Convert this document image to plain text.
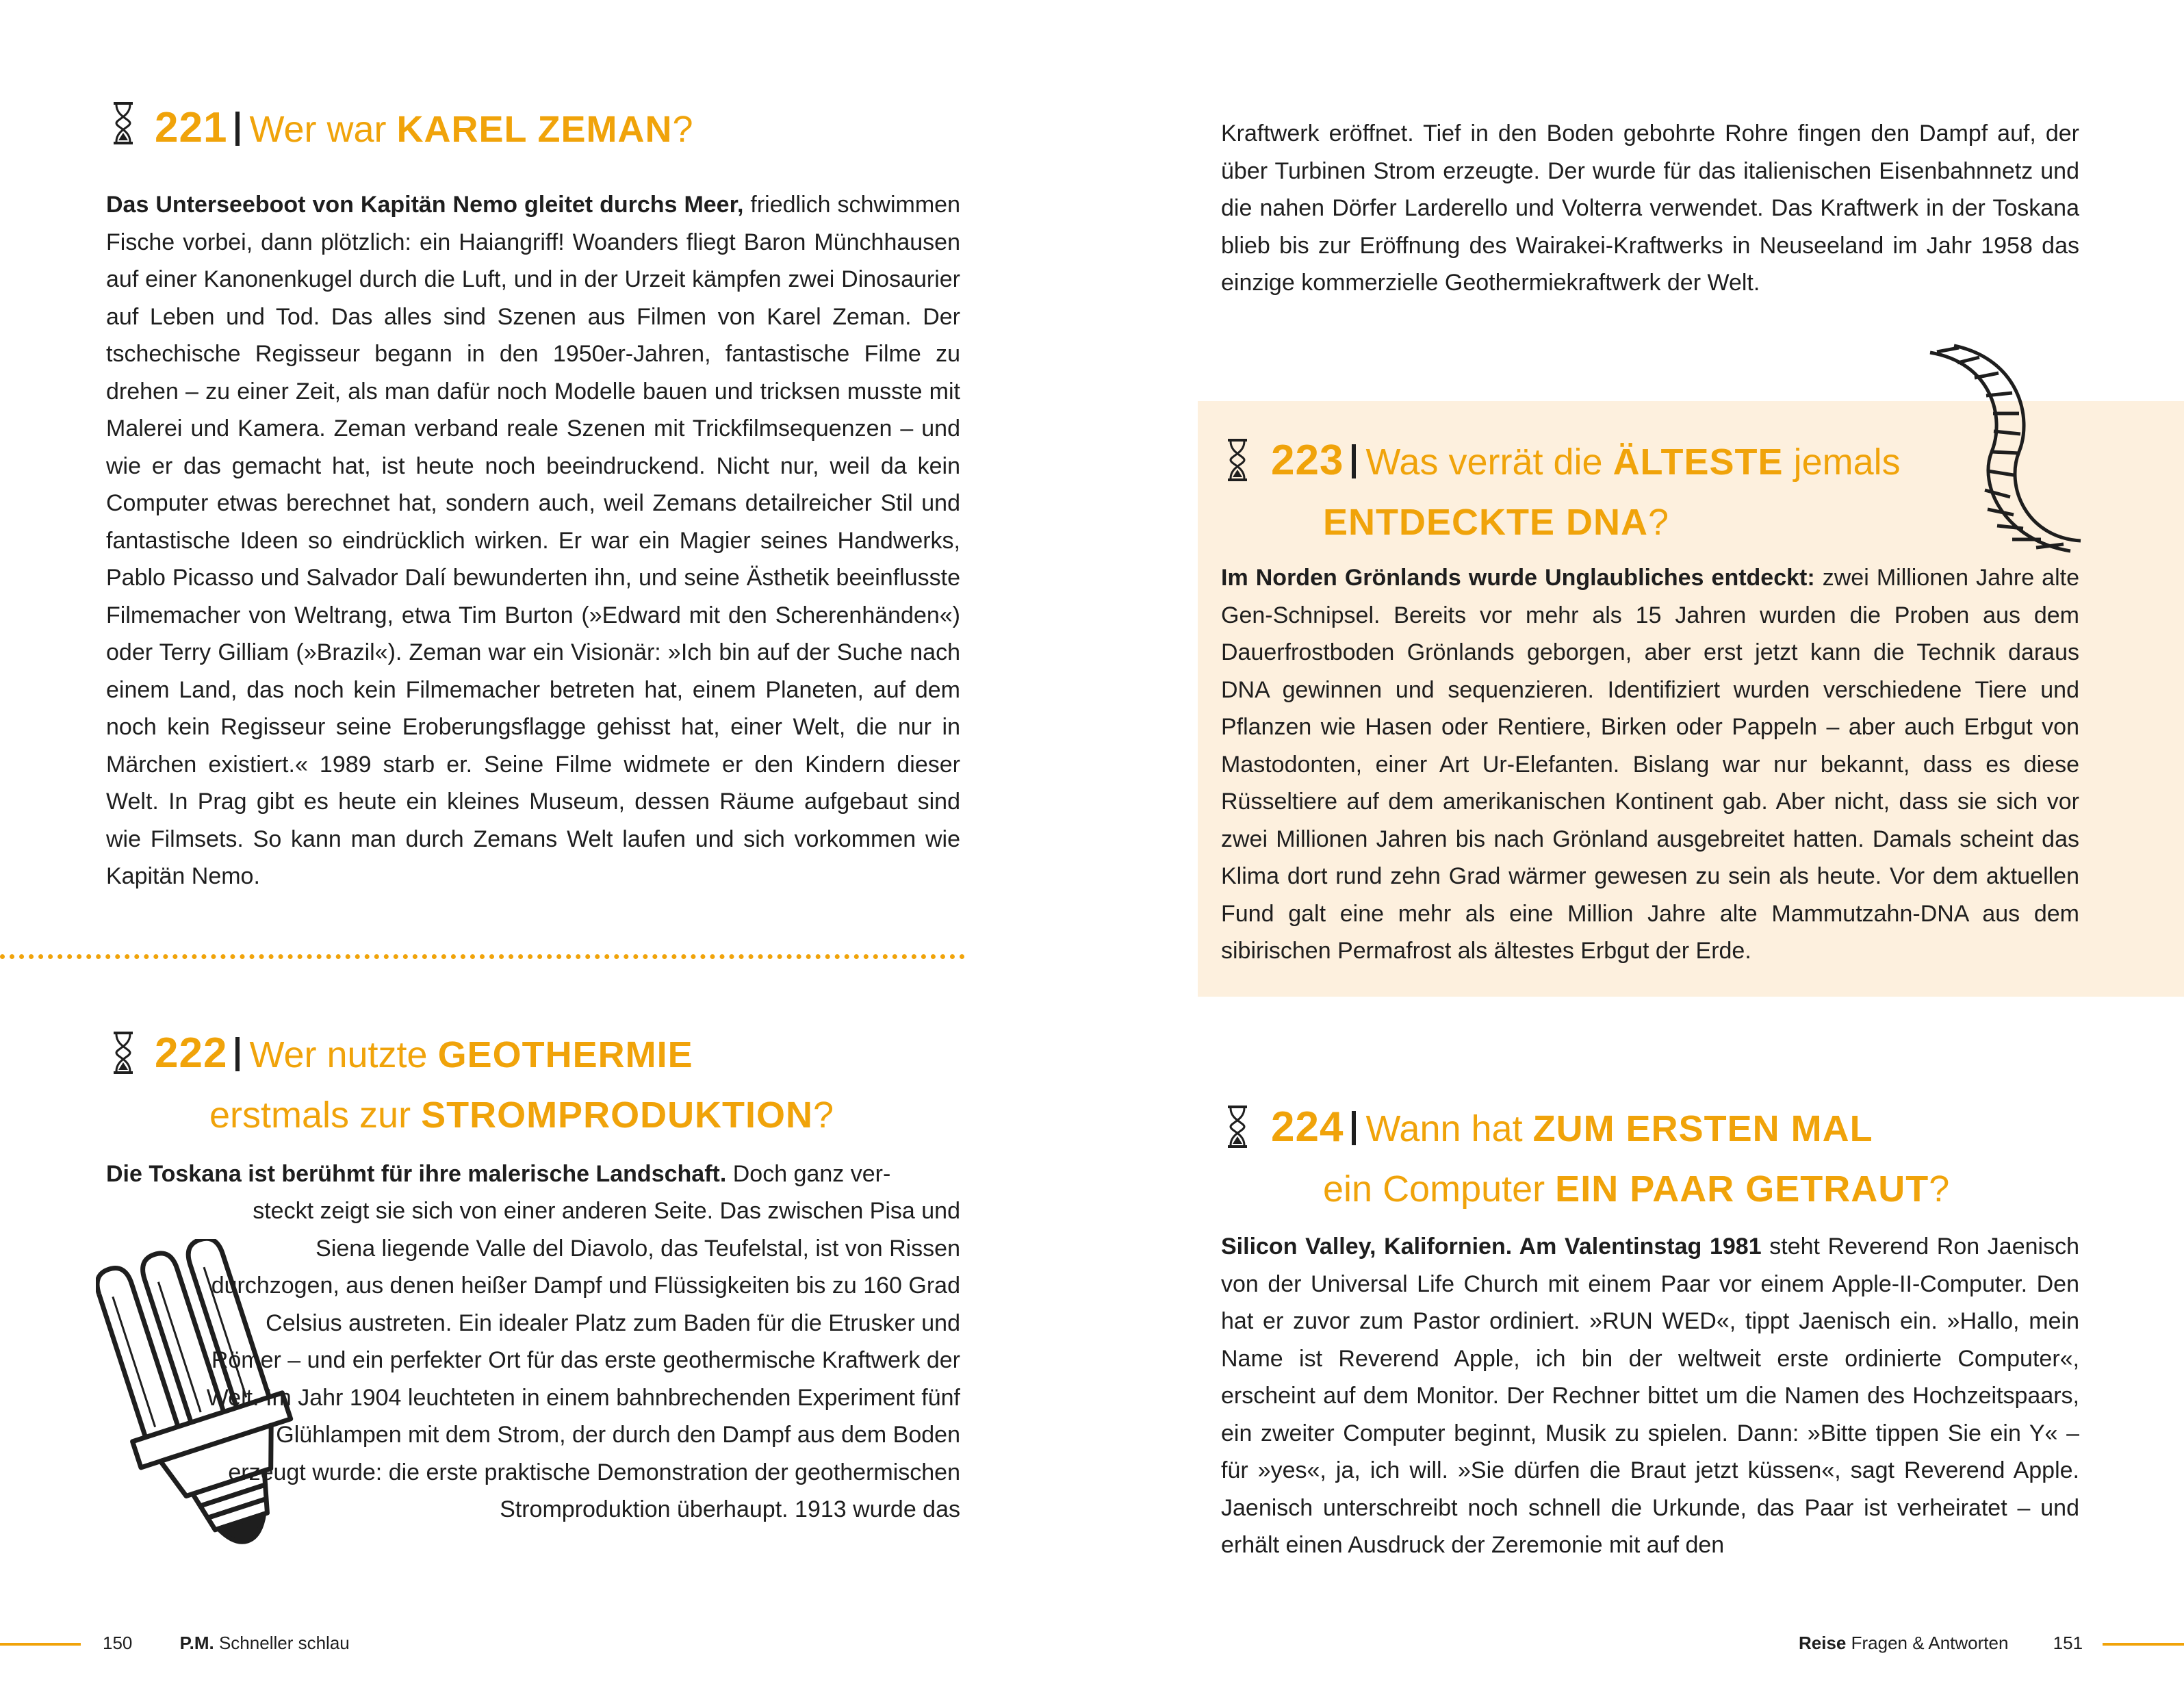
221 Wer war KAREL ZEMAN?
Das Unterseeboot von Kapitän Nemo gleitet durchs Meer, friedlich schwimmen Fische vorbei, dann plötzlich: ein Haiangriff! Woanders fliegt Baron Münchhausen auf einer Kanonenkugel durch die Luft, und in der Urzeit kämpfen zwei Dinosaurier auf Leben und Tod. Das alles sind Szenen aus Filmen von Karel Zeman. Der tschechische Regisseur begann in den 1950er-Jahren, fantastische Filme zu drehen – zu einer Zeit, als man dafür noch Modelle bauen und tricksen musste mit Malerei und Kamera. Zeman verband reale Szenen mit Trickfilmsequenzen – und wie er das gemacht hat, ist heute noch beeindruckend. Nicht nur, weil da kein Computer etwas berechnet hat, sondern auch, weil Zemans detailreicher Stil und fantastische Ideen so eindrücklich wirken. Er war ein Magier seines Handwerks, Pablo Picasso und Salvador Dalí bewunderten ihn, und seine Ästhetik beeinflusste Filmemacher von Weltrang, etwa Tim Burton (»Edward mit den Scherenhänden«) oder Terry Gilliam (»Brazil«). Zeman war ein Visionär: »Ich bin auf der Suche nach einem Land, das noch kein Filmemacher betreten hat, einem Planeten, auf dem noch kein Regisseur seine Eroberungsflagge gehisst hat, einer Welt, die nur in Märchen existiert.« 1989 starb er. Seine Filme widmete er den Kindern dieser Welt. In Prag gibt es heute ein kleines Museum, dessen Räume aufgebaut sind wie Filmsets. So kann man durch Zemans Welt laufen und sich vorkommen wie Kapitän Nemo.
222 Wer nutzte GEOTHERMIE
erstmals zur STROMPRODUKTION?
Die Toskana ist berühmt für ihre malerische Landschaft. Doch ganz ver-
steckt zeigt sie sich von einer anderen Seite. Das zwischen Pisa und Siena liegende Valle del Diavolo, das Teufelstal, ist von Rissen durchzogen, aus denen heißer Dampf und Flüssigkeiten bis zu 160 Grad Celsius austreten. Ein idealer Platz zum Baden für die Etrusker und Römer – und ein perfekter Ort für das erste geothermische Kraftwerk der Welt. Im Jahr 1904 leuchteten in einem bahnbrechenden Experiment fünf Glühlampen mit dem Strom, der durch den Dampf aus dem Boden erzeugt wurde: die erste praktische Demonstration der geothermischen Stromproduktion überhaupt. 1913 wurde das
150	P.M. Schneller schlau
Kraftwerk eröffnet. Tief in den Boden gebohrte Rohre fingen den Dampf auf, der über Turbinen Strom erzeugte. Der wurde für das italienischen Eisenbahnnetz und die nahen Dörfer Larderello und Volterra verwendet. Das Kraftwerk in der Toskana blieb bis zur Eröffnung des Wairakei-Kraftwerks in Neuseeland im Jahr 1958 das einzige kommerzielle Geothermiekraftwerk der Welt.
223 Was verrät die ÄLTESTE jemals
ENTDECKTE DNA?
Im Norden Grönlands wurde Unglaubliches entdeckt: zwei Millionen Jahre alte Gen-Schnipsel. Bereits vor mehr als 15 Jahren wurden die Proben aus dem Dauerfrostboden Grönlands geborgen, aber erst jetzt kann die Technik daraus DNA gewinnen und sequenzieren. Identifiziert wurden verschiedene Tiere und Pflanzen wie Hasen oder Rentiere, Birken oder Pappeln – aber auch Erbgut von Mastodonten, einer Art Ur-Elefanten. Bislang war nur bekannt, dass es diese Rüsseltiere auf dem amerikanischen Kontinent gab. Aber nicht, dass sie sich vor zwei Millionen Jahren bis nach Grönland ausgebreitet hatten. Damals scheint das Klima dort rund zehn Grad wärmer gewesen zu sein als heute. Vor dem aktuellen Fund galt eine mehr als eine Million Jahre alte Mammutzahn-DNA aus dem sibirischen Permafrost als ältestes Erbgut der Erde.
224 Wann hat ZUM ERSTEN MAL
ein Computer EIN PAAR GETRAUT?
Silicon Valley, Kalifornien. Am Valentinstag 1981 steht Reverend Ron Jaenisch von der Universal Life Church mit einem Paar vor einem Apple-II-Computer. Den hat er zuvor zum Pastor ordiniert. »RUN WED«, tippt Jaenisch ein. »Hallo, mein Name ist Reverend Apple, ich bin der weltweit erste ordinierte Computer«, erscheint auf dem Monitor. Der Rechner bittet um die Namen des Hochzeitspaars, ein zweiter Computer beginnt, Musik zu spielen. Dann: »Bitte tippen Sie ein Y« – für »yes«, ja, ich will. »Sie dürfen die Braut jetzt küssen«, sagt Reverend Apple. Jaenisch unterschreibt noch schnell die Urkunde, das Paar ist verheiratet – und erhält einen Ausdruck der Zeremonie mit auf den
Reise Fragen & Antworten	151
